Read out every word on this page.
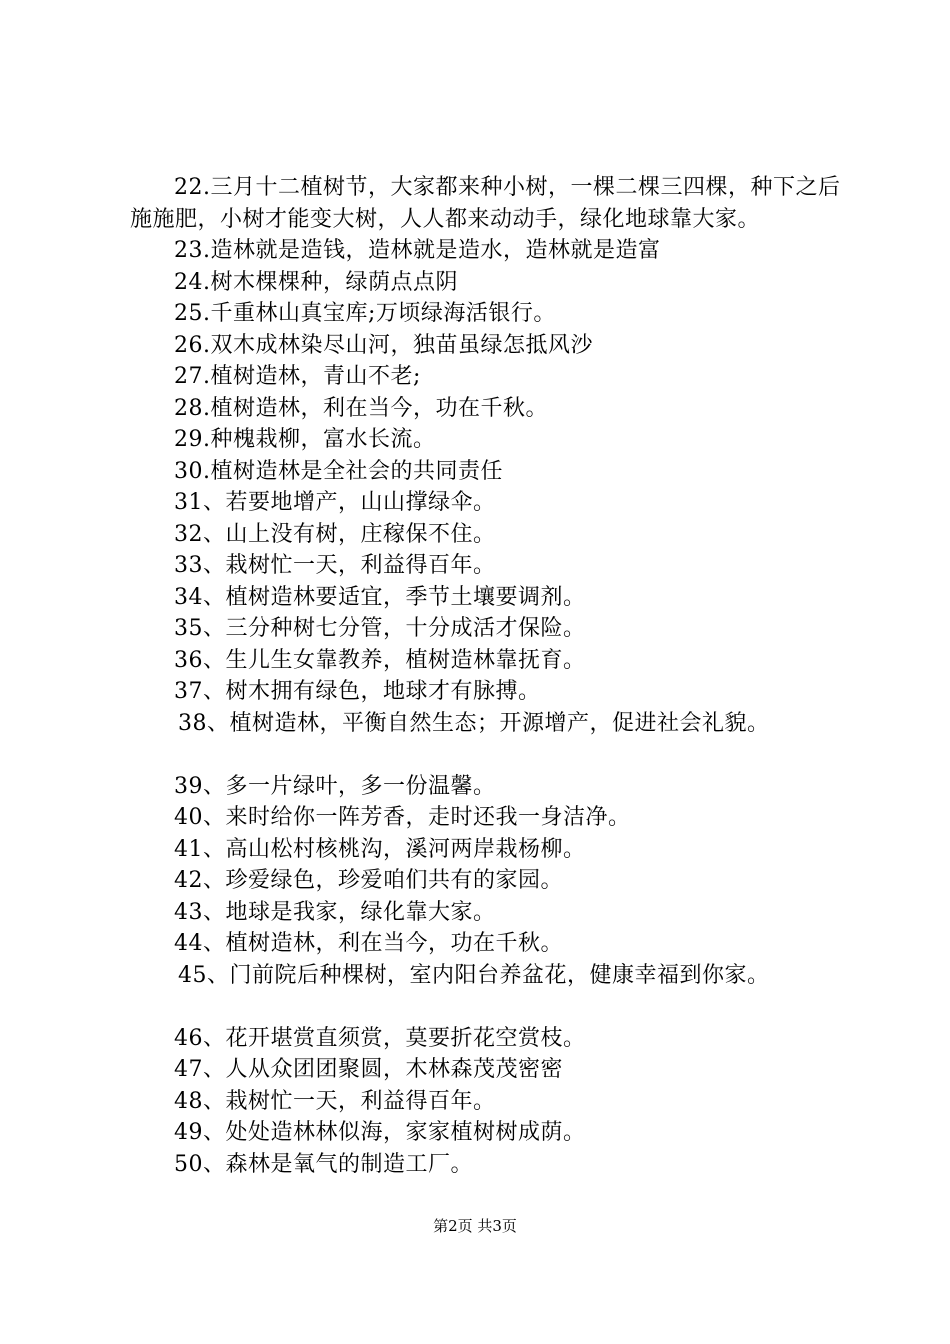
22.三月十二植树节，大家都来种小树，一棵二棵三四棵，种下之后施施肥，小树才能变大树，人人都来动动手，绿化地球靠大家。

23.造林就是造钱，造林就是造水，造林就是造富

24.树木棵棵种，绿荫点点阴

25.千重林山真宝库;万顷绿海活银行。

26.双木成林染尽山河，独苗虽绿怎抵风沙

27.植树造林，青山不老;

28.植树造林，利在当今，功在千秋。

29.种槐栽柳，富水长流。

30.植树造林是全社会的共同责任

31、若要地增产，山山撑绿伞。

32、山上没有树，庄稼保不住。

33、栽树忙一天，利益得百年。

34、植树造林要适宜，季节土壤要调剂。

35、三分种树七分管，十分成活才保险。

36、生儿生女靠教养，植树造林靠抚育。

37、树木拥有绿色，地球才有脉搏。

38、植树造林，平衡自然生态；开源增产，促进社会礼貌。

39、多一片绿叶，多一份温馨。

40、来时给你一阵芳香，走时还我一身洁净。

41、高山松村核桃沟，溪河两岸栽杨柳。

42、珍爱绿色，珍爱咱们共有的家园。

43、地球是我家，绿化靠大家。

44、植树造林，利在当今，功在千秋。

45、门前院后种棵树，室内阳台养盆花，健康幸福到你家。

46、花开堪赏直须赏，莫要折花空赏枝。

47、人从众团团聚圆，木林森茂茂密密

48、栽树忙一天，利益得百年。

49、处处造林林似海，家家植树树成荫。

50、森林是氧气的制造工厂。

第2页 共3页
